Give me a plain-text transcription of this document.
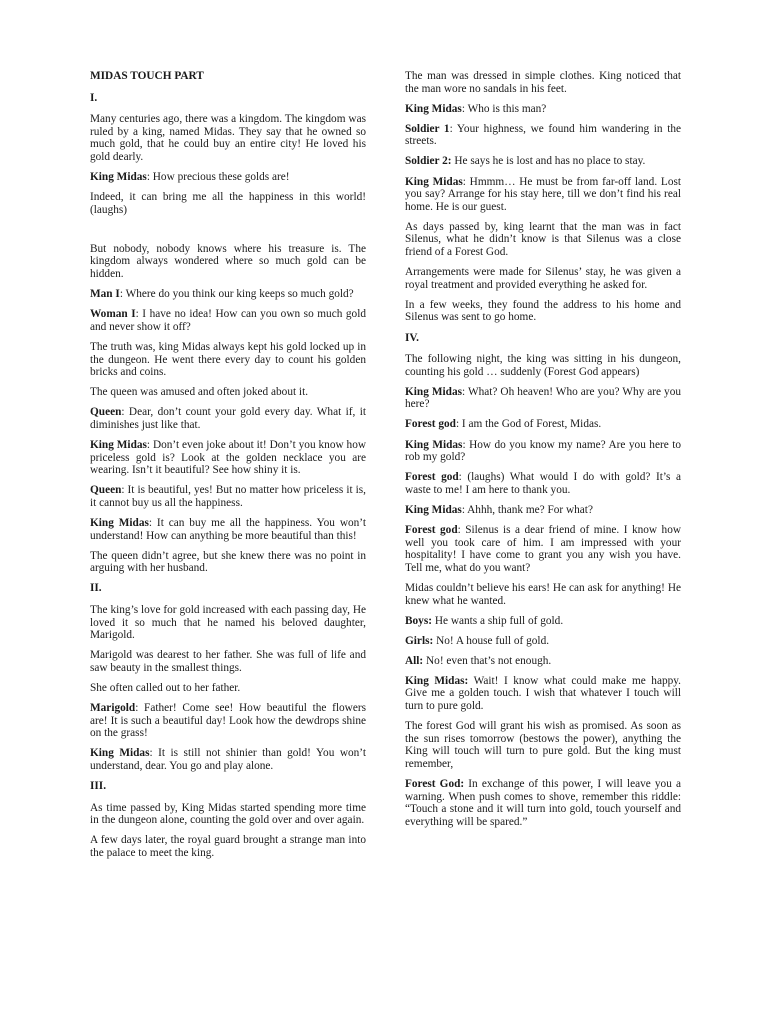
MIDAS TOUCH PART
I.
Many centuries ago, there was a kingdom. The kingdom was ruled by a king, named Midas. They say that he owned so much gold, that he could buy an entire city! He loved his gold dearly.
King Midas: How precious these golds are!
Indeed, it can bring me all the happiness in this world! (laughs)
But nobody, nobody knows where his treasure is. The kingdom always wondered where so much gold can be hidden.
Man I: Where do you think our king keeps so much gold?
Woman I: I have no idea! How can you own so much gold and never show it off?
The truth was, king Midas always kept his gold locked up in the dungeon. He went there every day to count his golden bricks and coins.
The queen was amused and often joked about it.
Queen: Dear, don’t count your gold every day. What if, it diminishes just like that.
King Midas: Don’t even joke about it! Don’t you know how priceless gold is? Look at the golden necklace you are wearing. Isn’t it beautiful? See how shiny it is.
Queen: It is beautiful, yes! But no matter how priceless it is, it cannot buy us all the happiness.
King Midas: It can buy me all the happiness. You won’t understand! How can anything be more beautiful than this!
The queen didn’t agree, but she knew there was no point in arguing with her husband.
II.
The king’s love for gold increased with each passing day, He loved it so much that he named his beloved daughter, Marigold.
Marigold was dearest to her father. She was full of life and saw beauty in the smallest things.
She often called out to her father.
Marigold: Father! Come see! How beautiful the flowers are! It is such a beautiful day! Look how the dewdrops shine on the grass!
King Midas: It is still not shinier than gold! You won’t understand, dear. You go and play alone.
III.
As time passed by, King Midas started spending more time in the dungeon alone, counting the gold over and over again.
A few days later, the royal guard brought a strange man into the palace to meet the king.
The man was dressed in simple clothes. King noticed that the man wore no sandals in his feet.
King Midas: Who is this man?
Soldier 1: Your highness, we found him wandering in the streets.
Soldier 2: He says he is lost and has no place to stay.
King Midas: Hmmm… He must be from far-off land. Lost you say? Arrange for his stay here, till we don’t find his real home. He is our guest.
As days passed by, king learnt that the man was in fact Silenus, what he didn’t know is that Silenus was a close friend of a Forest God.
Arrangements were made for Silenus’ stay, he was given a royal treatment and provided everything he asked for.
In a few weeks, they found the address to his home and Silenus was sent to go home.
IV.
The following night, the king was sitting in his dungeon, counting his gold … suddenly (Forest God appears)
King Midas: What? Oh heaven! Who are you? Why are you here?
Forest god: I am the God of Forest, Midas.
King Midas: How do you know my name? Are you here to rob my gold?
Forest god: (laughs) What would I do with gold? It’s a waste to me! I am here to thank you.
King Midas: Ahhh, thank me? For what?
Forest god: Silenus is a dear friend of mine. I know how well you took care of him. I am impressed with your hospitality! I have come to grant you any wish you have. Tell me, what do you want?
Midas couldn’t believe his ears! He can ask for anything! He knew what he wanted.
Boys: He wants a ship full of gold.
Girls: No! A house full of gold.
All: No! even that’s not enough.
King Midas: Wait! I know what could make me happy. Give me a golden touch. I wish that whatever I touch will turn to pure gold.
The forest God will grant his wish as promised. As soon as the sun rises tomorrow (bestows the power), anything the King will touch will turn to pure gold. But the king must remember,
Forest God: In exchange of this power, I will leave you a warning. When push comes to shove, remember this riddle: “Touch a stone and it will turn into gold, touch yourself and everything will be spared.”
